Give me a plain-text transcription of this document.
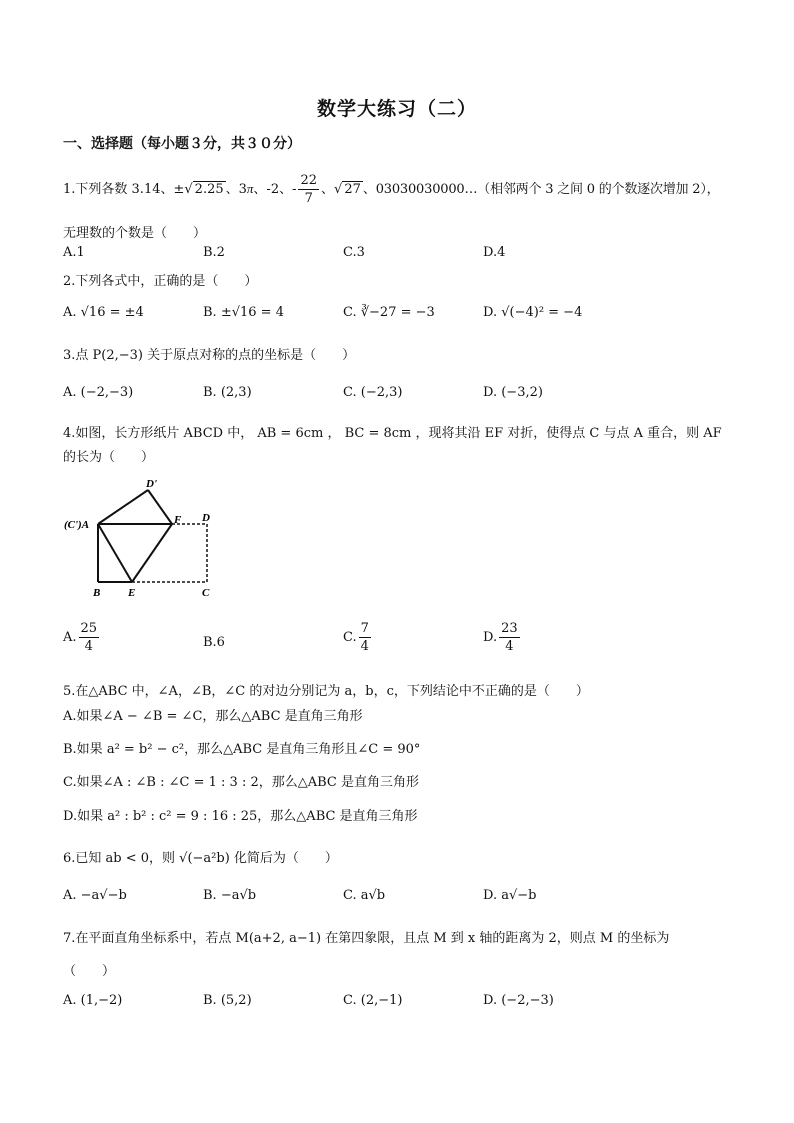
数学大练习（二）
一、选择题（每小题３分，共３０分）
1.下列各数 3.14、±√ 2.25 、3π、-2、- $\frac{22}{7}$ 、√ 27 、03030030000…（相邻两个 3 之间 0 的个数逐次增加 2），
无理数的个数是（　　）
A.1	B.2	C.3	D.4
2.下列各式中，正确的是（　　）
A. √16 = ±4	B. ±√16 = 4	C. ∛−27 = −3	D. √(−4)² = −4
3.点 P(2,−3) 关于原点对称的点的坐标是（　　）
A. (−2,−3)	B. (2,3)	C. (−2,3)	D. (−3,2)
4.如图，长方形纸片 ABCD 中， AB = 6cm ， BC = 8cm ，现将其沿 EF 对折，使得点 C 与点 A 重合，则 AF
的长为（　　）
D'
(C')A	F D
B	E	C
A. $\frac{25}{4}$	B.6	C. $\frac{7}{4}$	D. $\frac{23}{4}$
5.在△ABC 中，∠A，∠B，∠C 的对边分别记为 a，b，c，下列结论中不正确的是（　　）
A.如果∠A − ∠B = ∠C，那么△ABC 是直角三角形
B.如果 a² = b² − c²，那么△ABC 是直角三角形且∠C = 90°
C.如果∠A : ∠B : ∠C = 1 : 3 : 2，那么△ABC 是直角三角形
D.如果 a² : b² : c² = 9 : 16 : 25，那么△ABC 是直角三角形
6.已知 ab < 0，则 √(−a²b) 化简后为（　　）
A. −a√−b	B. −a√b	C. a√b	D. a√−b
7.在平面直角坐标系中，若点 M(a+2, a−1) 在第四象限，且点 M 到 x 轴的距离为 2，则点 M 的坐标为
（　　）
A. (1,−2)	B. (5,2)	C. (2,−1)	D. (−2,−3)
